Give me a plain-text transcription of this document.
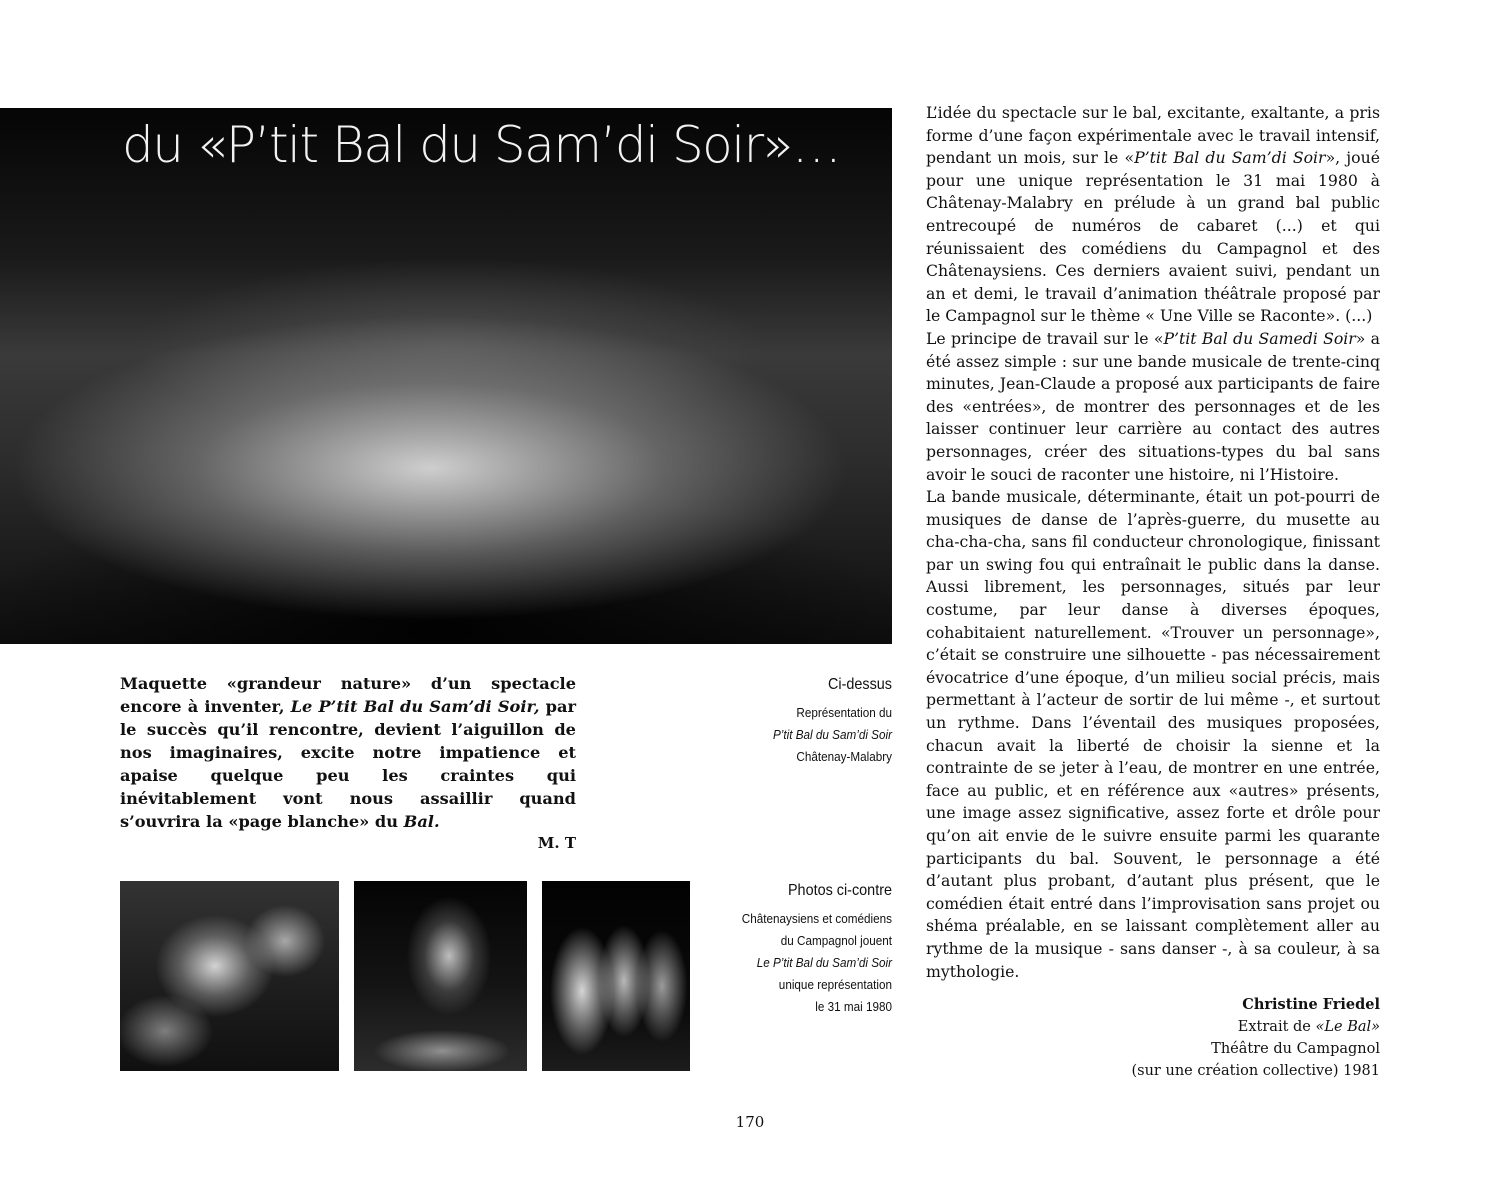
du «P’tit Bal du Sam’di Soir»…

Maquette «grandeur nature» d’un spectacle encore à inventer, Le P’tit Bal du Sam’di Soir, par le succès qu’il rencontre, devient l’aiguillon de nos imaginaires, excite notre impatience et apaise quelque peu les craintes qui inévitablement vont nous assaillir quand s’ouvrira la «page blanche» du Bal.

M. T
Ci-dessus
Représentation du
P’tit Bal du Sam’di Soir
Châtenay-Malabry
Photos ci-contre
Châtenaysiens et comédiens
du Campagnol jouent
Le P’tit Bal du Sam’di Soir
unique représentation
le 31 mai 1980

L’idée du spectacle sur le bal, excitante, exaltante, a pris forme d’une façon expérimentale avec le travail intensif, pendant un mois, sur le «P’tit Bal du Sam’di Soir», joué pour une unique représentation le 31 mai 1980 à Châtenay-Malabry en prélude à un grand bal public entrecoupé de numéros de cabaret (...) et qui réunissaient des comédiens du Campagnol et des Châtenaysiens. Ces derniers avaient suivi, pendant un an et demi, le travail d’animation théâtrale proposé par le Campagnol sur le thème « Une Ville se Raconte». (...)

Le principe de travail sur le «P’tit Bal du Samedi Soir» a été assez simple : sur une bande musicale de trente-cinq minutes, Jean-Claude a proposé aux participants de faire des «entrées», de montrer des personnages et de les laisser continuer leur carrière au contact des autres personnages, créer des situations-types du bal sans avoir le souci de raconter une histoire, ni l’Histoire.

La bande musicale, déterminante, était un pot-pourri de musiques de danse de l’après-guerre, du musette au cha-cha-cha, sans fil conducteur chronologique, finissant par un swing fou qui entraînait le public dans la danse. Aussi librement, les personnages, situés par leur costume, par leur danse à diverses époques, cohabitaient naturellement. «Trouver un personnage», c’était se construire une silhouette - pas nécessairement évocatrice d’une époque, d’un milieu social précis, mais permettant à l’acteur de sortir de lui même -, et surtout un rythme. Dans l’éventail des musiques proposées, chacun avait la liberté de choisir la sienne et la contrainte de se jeter à l’eau, de montrer en une entrée, face au public, et en référence aux «autres» présents, une image assez significative, assez forte et drôle pour qu’on ait envie de le suivre ensuite parmi les quarante participants du bal. Souvent, le personnage a été d’autant plus probant, d’autant plus présent, que le comédien était entré dans l’improvisation sans projet ou shéma préalable, en se laissant complètement aller au rythme de la musique - sans danser -, à sa couleur, à sa mythologie.

Christine Friedel
Extrait de «Le Bal»
Théâtre du Campagnol
(sur une création collective) 1981
170
